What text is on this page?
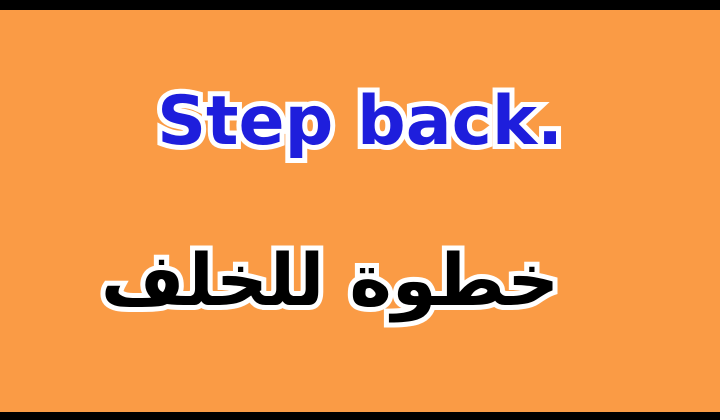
Step back.
خطوة للخلف
